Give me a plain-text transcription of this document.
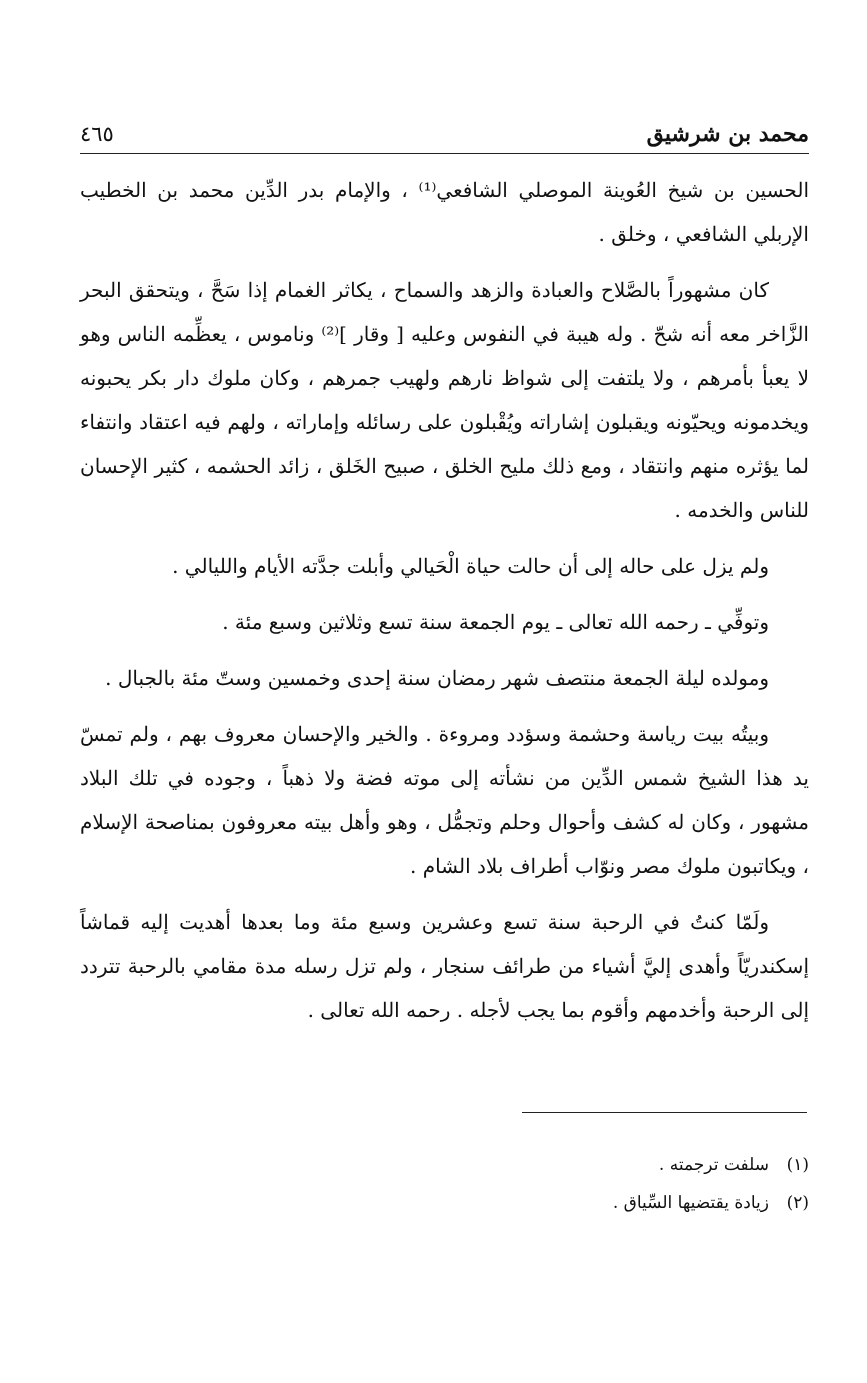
محمد بن شرشيق
٤٦٥

الحسين بن شيخ العُوينة الموصلي الشافعي⁽¹⁾ ، والإمام بدر الدِّين محمد بن الخطيب الإربلي الشافعي ، وخلق .

كان مشهوراً بالصَّلاح والعبادة والزهد والسماح ، يكاثر الغمام إذا سَحَّ ، ويتحقق البحر الزَّاخر معه أنه شحّ . وله هيبة في النفوس وعليه [ وقار ]⁽²⁾ وناموس ، يعظِّمه الناس وهو لا يعبأ بأمرهم ، ولا يلتفت إلى شواظ نارهم ولهيب جمرهم ، وكان ملوك دار بكر يحبونه ويخدمونه ويحيّونه ويقبلون إشاراته ويُقْبلون على رسائله وإماراته ، ولهم فيه اعتقاد وانتفاء لما يؤثره منهم وانتقاد ، ومع ذلك مليح الخلق ، صبيح الخَلق ، زائد الحشمه ، كثير الإحسان للناس والخدمه .

ولم يزل على حاله إلى أن حالت حياة الْحَيالي وأبلت جدَّته الأيام والليالي .

وتوفِّي ـ رحمه الله تعالى ـ يوم الجمعة سنة تسع وثلاثين وسبع مئة .

ومولده ليلة الجمعة منتصف شهر رمضان سنة إحدى وخمسين وستّ مئة بالجبال .

وبيتُه بيت رياسة وحشمة وسؤدد ومروءة . والخير والإحسان معروف بهم ، ولم تمسّ يد هذا الشيخ شمس الدِّين من نشأته إلى موته فضة ولا ذهباً ، وجوده في تلك البلاد مشهور ، وكان له كشف وأحوال وحلم وتجمُّل ، وهو وأهل بيته معروفون بمناصحة الإسلام ، ويكاتبون ملوك مصر ونوّاب أطراف بلاد الشام .

ولَمّا كنتُ في الرحبة سنة تسع وعشرين وسبع مئة وما بعدها أهديت إليه قماشاً إسكندريّاً وأهدى إليَّ أشياء من طرائف سنجار ، ولم تزل رسله مدة مقامي بالرحبة تتردد إلى الرحبة وأخدمهم وأقوم بما يجب لأجله . رحمه الله تعالى .

(١)
سلفت ترجمته .
(٢)
زيادة يقتضيها السِّياق .
